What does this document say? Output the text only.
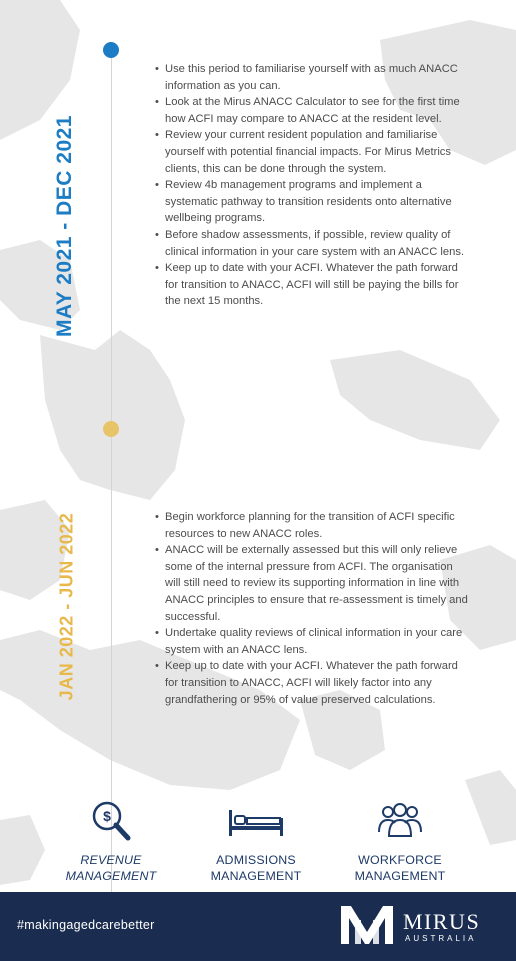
MAY 2021 - DEC 2021
JAN 2022 - JUN 2022
• Use this period to familiarise yourself with as much ANACC information as you can.
• Look at the Mirus ANACC Calculator to see for the first time how ACFI may compare to ANACC at the resident level.
• Review your current resident population and familiarise yourself with potential financial impacts. For Mirus Metrics clients, this can be done through the system.
• Review 4b management programs and implement a systematic pathway to transition residents onto alternative wellbeing programs.
• Before shadow assessments, if possible, review quality of clinical information in your care system with an ANACC lens.
• Keep up to date with your ACFI. Whatever the path forward for transition to ANACC, ACFI will still be paying the bills for the next 15 months.
• Begin workforce planning for the transition of ACFI specific resources to new ANACC roles.
• ANACC will be externally assessed but this will only relieve some of the internal pressure from ACFI. The organisation will still need to review its supporting information in line with ANACC principles to ensure that re-assessment is timely and successful.
• Undertake quality reviews of clinical information in your care system with an ANACC lens.
• Keep up to date with your ACFI. Whatever the path forward for transition to ANACC, ACFI will likely factor into any grandfathering or 95% of value preserved calculations.
$
REVENUE
MANAGEMENT
ADMISSIONS
MANAGEMENT
WORKFORCE
MANAGEMENT
#makingagedcarebetter	MIRUS
AUSTRALIA
